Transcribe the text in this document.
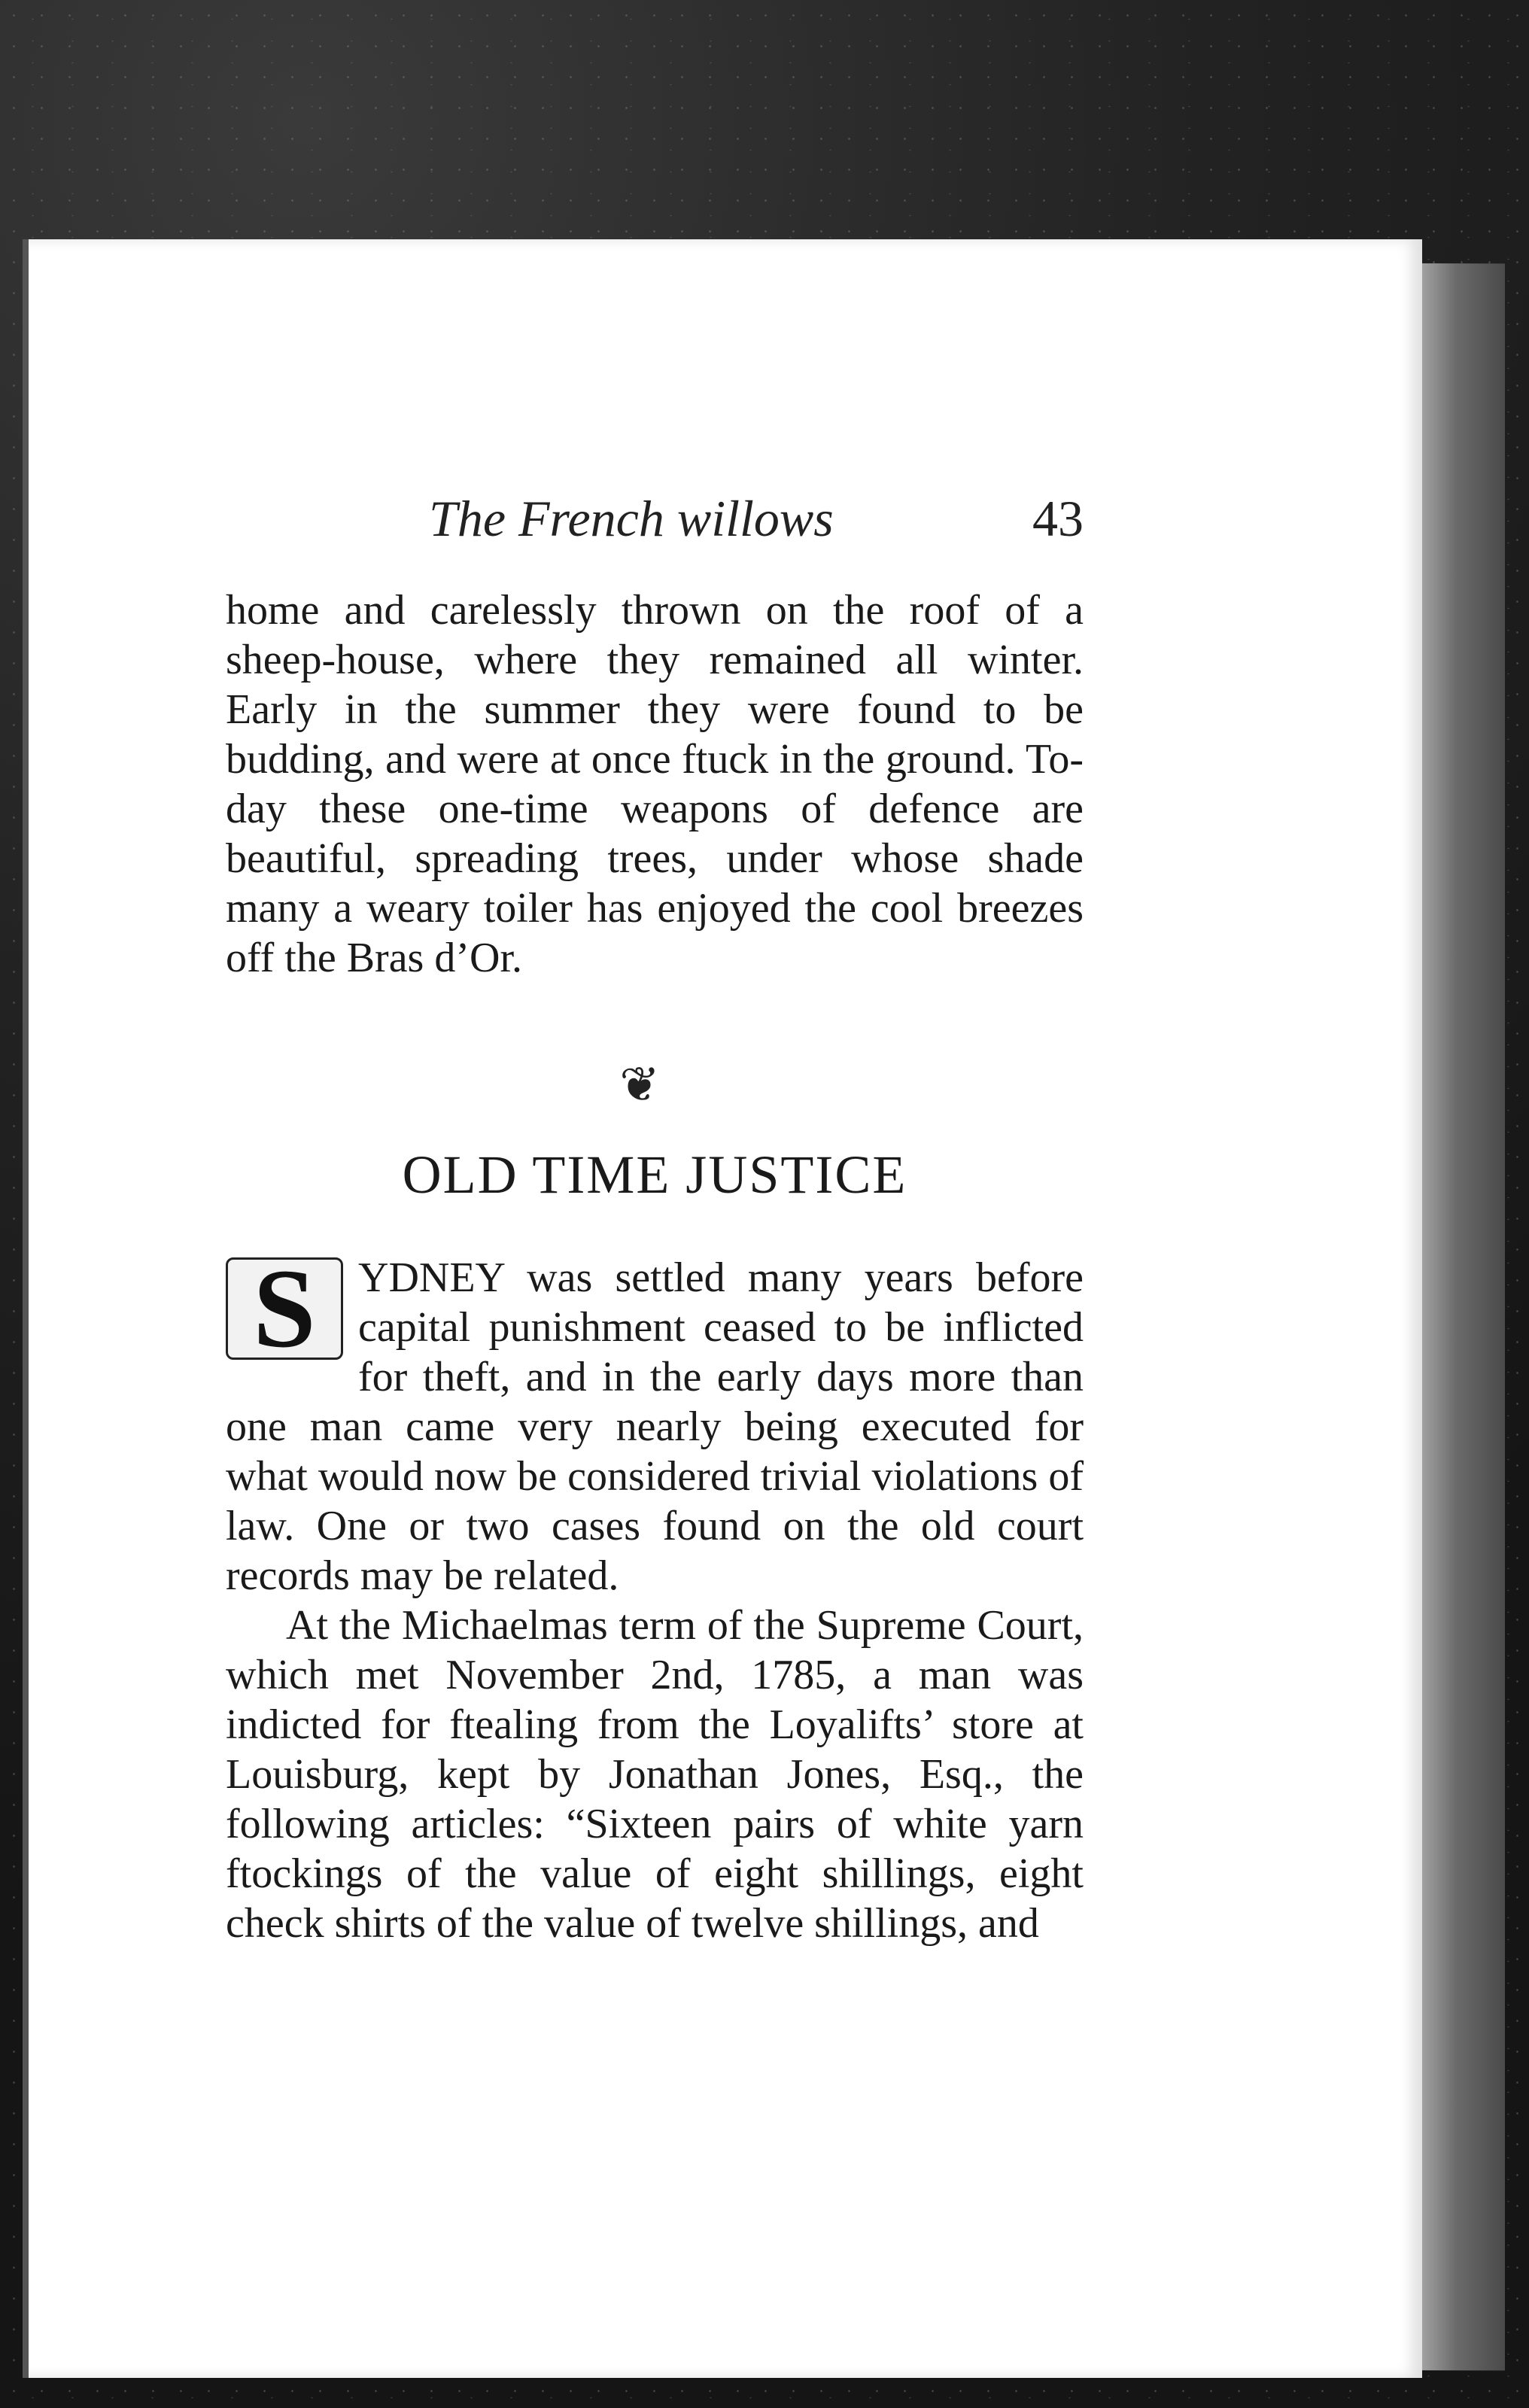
The French willows	43

home and carelessly thrown on the roof of a sheep-house, where they remained all winter. Early in the summer they were found to be budding, and were at once ftuck in the ground. To-day these one-time weapons of defence are beautiful, spreading trees, under whose shade many a weary toiler has enjoyed the cool breezes off the Bras d’Or.

❦
OLD TIME JUSTICE

S	YDNEY was settled many years before capital punishment ceased to be inflicted for theft, and in the early days more than one man came very nearly being executed for what would now be considered trivial violations of law. One or two cases found on the old court records may be related.

At the Michaelmas term of the Supreme Court, which met November 2nd, 1785, a man was indicted for ftealing from the Loyalifts’ store at Louisburg, kept by Jonathan Jones, Esq., the following articles: “Sixteen pairs of white yarn ftockings of the value of eight shillings, eight check shirts of the value of twelve shillings, and
